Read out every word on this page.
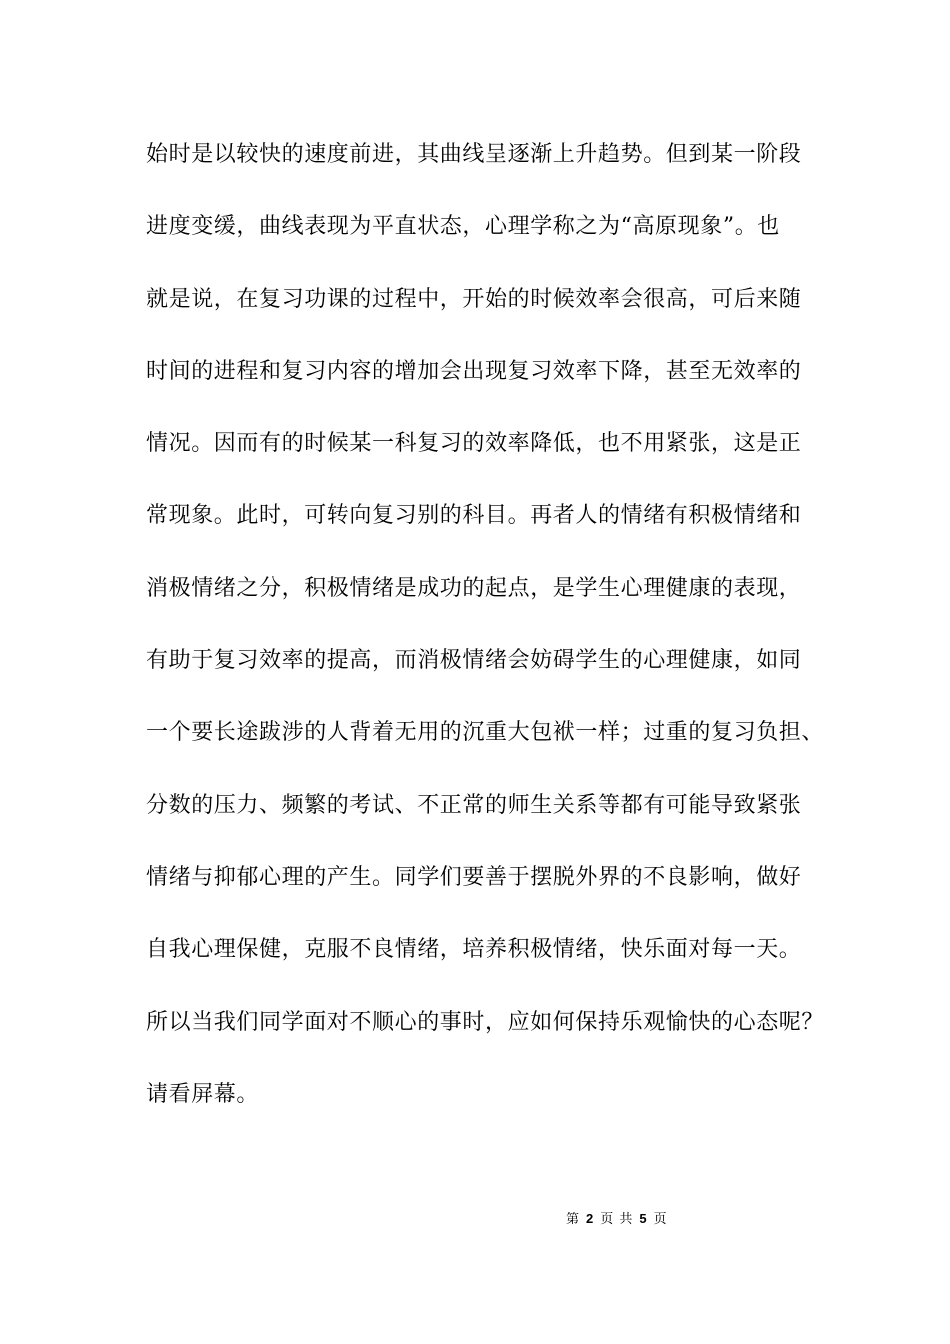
始时是以较快的速度前进，其曲线呈逐渐上升趋势。但到某一阶段
进度变缓，曲线表现为平直状态，心理学称之为“高原现象”。也
就是说，在复习功课的过程中，开始的时候效率会很高，可后来随
时间的进程和复习内容的增加会出现复习效率下降，甚至无效率的
情况。因而有的时候某一科复习的效率降低，也不用紧张，这是正
常现象。此时，可转向复习别的科目。再者人的情绪有积极情绪和
消极情绪之分，积极情绪是成功的起点，是学生心理健康的表现，
有助于复习效率的提高，而消极情绪会妨碍学生的心理健康，如同
一个要长途跋涉的人背着无用的沉重大包袱一样；过重的复习负担、
分数的压力、频繁的考试、不正常的师生关系等都有可能导致紧张
情绪与抑郁心理的产生。同学们要善于摆脱外界的不良影响，做好
自我心理保健，克服不良情绪，培养积极情绪，快乐面对每一天。
所以当我们同学面对不顺心的事时，应如何保持乐观愉快的心态呢？
请看屏幕。
第 2 页 共 5 页
